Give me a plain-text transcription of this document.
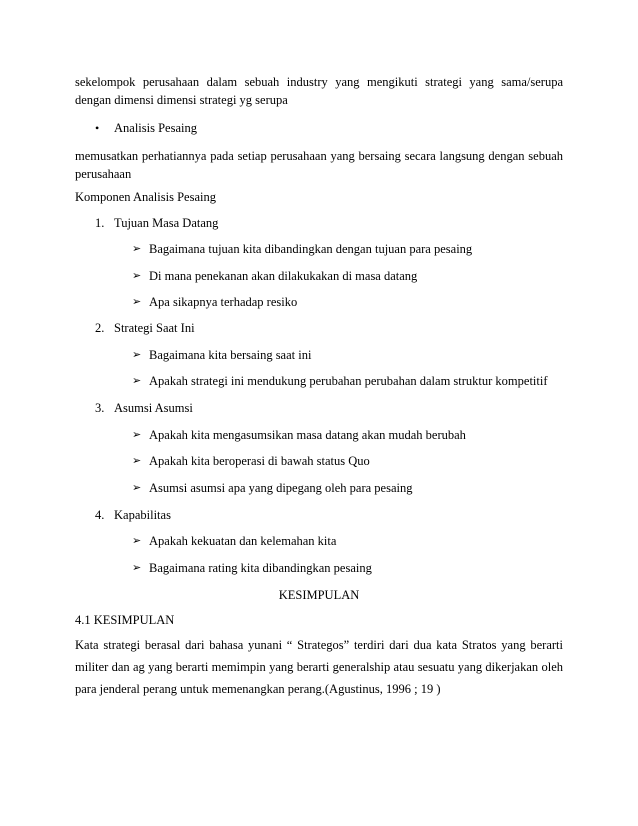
sekelompok perusahaan dalam sebuah industry yang mengikuti strategi yang sama/serupa
dengan dimensi dimensi strategi yg serupa
• Analisis Pesaing
memusatkan perhatiannya pada setiap perusahaan yang bersaing secara langsung dengan sebuah
perusahaan
Komponen Analisis Pesaing
1. Tujuan Masa Datang
➢ Bagaimana tujuan kita dibandingkan dengan tujuan para pesaing
➢ Di mana penekanan akan dilakukakan di masa datang
➢ Apa sikapnya terhadap resiko
2. Strategi Saat Ini
➢ Bagaimana kita bersaing saat ini
➢ Apakah strategi ini mendukung perubahan perubahan dalam struktur kompetitif
3. Asumsi Asumsi
➢ Apakah kita mengasumsikan masa datang akan mudah berubah
➢ Apakah kita beroperasi di bawah status Quo
➢ Asumsi asumsi apa yang dipegang oleh para pesaing
4. Kapabilitas
➢ Apakah kekuatan dan kelemahan kita
➢ Bagaimana rating kita dibandingkan pesaing
KESIMPULAN
4.1 KESIMPULAN
Kata strategi berasal dari bahasa yunani “ Strategos” terdiri dari dua kata Stratos yang berarti
militer dan ag yang berarti memimpin yang berarti generalship atau sesuatu yang dikerjakan oleh
para jenderal perang untuk memenangkan perang.(Agustinus, 1996 ; 19 )
